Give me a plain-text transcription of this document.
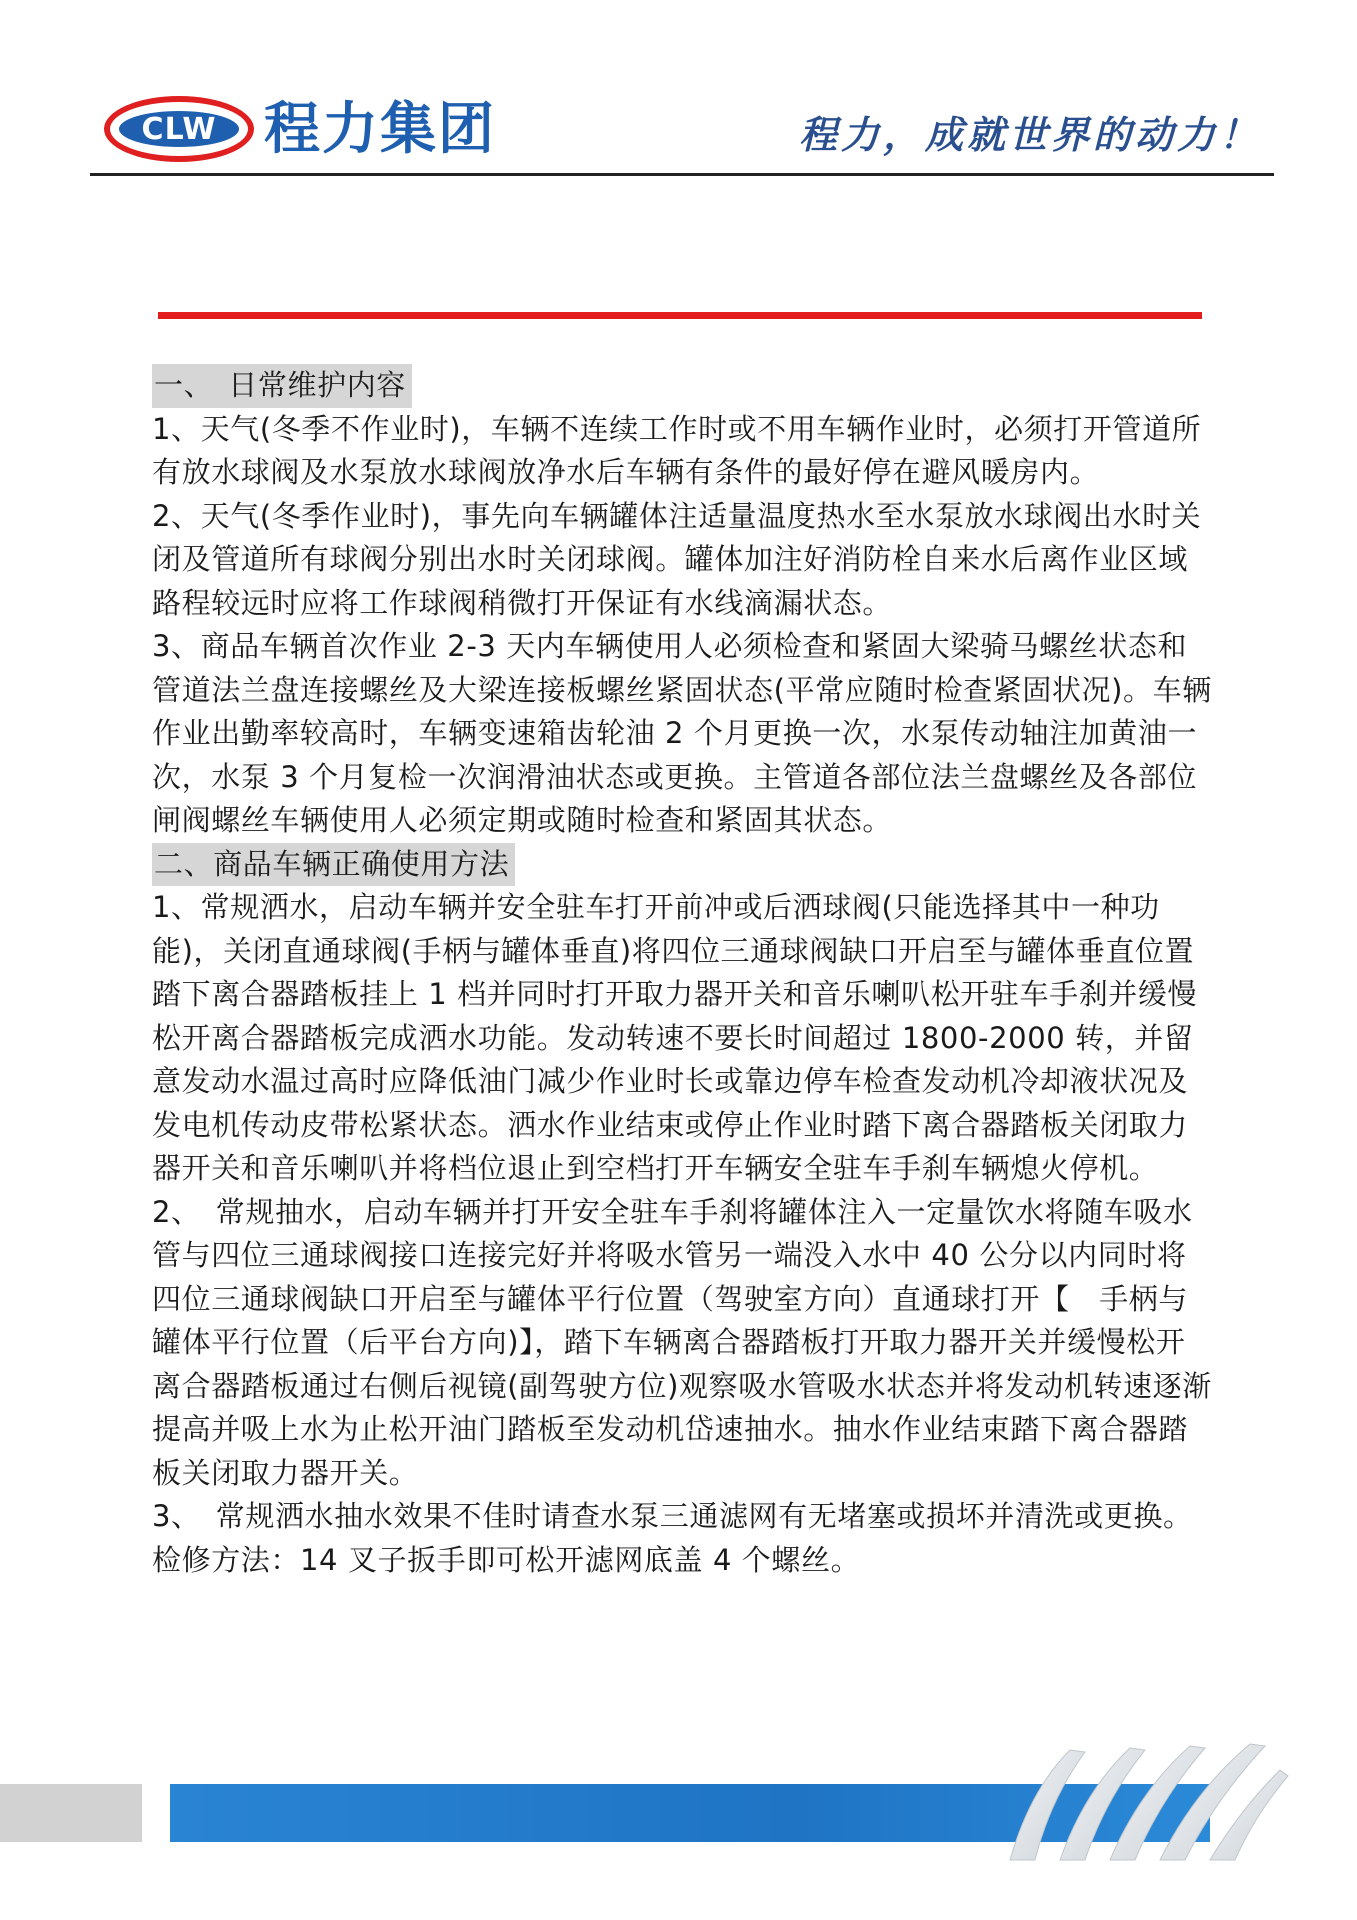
CLW 程力集团	程力，成就世界的动力！

一、　日常维护内容

1、天气(冬季不作业时)，车辆不连续工作时或不用车辆作业时，必须打开管道所有放水球阀及水泵放水球阀放净水后车辆有条件的最好停在避风暖房内。

2、天气(冬季作业时)，事先向车辆罐体注适量温度热水至水泵放水球阀出水时关闭及管道所有球阀分别出水时关闭球阀。罐体加注好消防栓自来水后离作业区域路程较远时应将工作球阀稍微打开保证有水线滴漏状态。

3、商品车辆首次作业 2-3 天内车辆使用人必须检查和紧固大梁骑马螺丝状态和管道法兰盘连接螺丝及大梁连接板螺丝紧固状态(平常应随时检查紧固状况)。车辆作业出勤率较高时，车辆变速箱齿轮油 2 个月更换一次，水泵传动轴注加黄油一次，水泵 3 个月复检一次润滑油状态或更换。主管道各部位法兰盘螺丝及各部位闸阀螺丝车辆使用人必须定期或随时检查和紧固其状态。

二、商品车辆正确使用方法

1、常规洒水，启动车辆并安全驻车打开前冲或后洒球阀(只能选择其中一种功能)，关闭直通球阀(手柄与罐体垂直)将四位三通球阀缺口开启至与罐体垂直位置踏下离合器踏板挂上 1 档并同时打开取力器开关和音乐喇叭松开驻车手刹并缓慢松开离合器踏板完成洒水功能。发动转速不要长时间超过 1800-2000 转，并留意发动水温过高时应降低油门减少作业时长或靠边停车检查发动机冷却液状况及发电机传动皮带松紧状态。洒水作业结束或停止作业时踏下离合器踏板关闭取力器开关和音乐喇叭并将档位退止到空档打开车辆安全驻车手刹车辆熄火停机。

2、　常规抽水，启动车辆并打开安全驻车手刹将罐体注入一定量饮水将随车吸水管与四位三通球阀接口连接完好并将吸水管另一端没入水中 40 公分以内同时将四位三通球阀缺口开启至与罐体平行位置（驾驶室方向）直通球打开【　手柄与罐体平行位置（后平台方向)】，踏下车辆离合器踏板打开取力器开关并缓慢松开离合器踏板通过右侧后视镜(副驾驶方位)观察吸水管吸水状态并将发动机转速逐渐提高并吸上水为止松开油门踏板至发动机岱速抽水。抽水作业结束踏下离合器踏板关闭取力器开关。

3、　常规洒水抽水效果不佳时请查水泵三通滤网有无堵塞或损坏并清洗或更换。检修方法：14 叉子扳手即可松开滤网底盖 4 个螺丝。
